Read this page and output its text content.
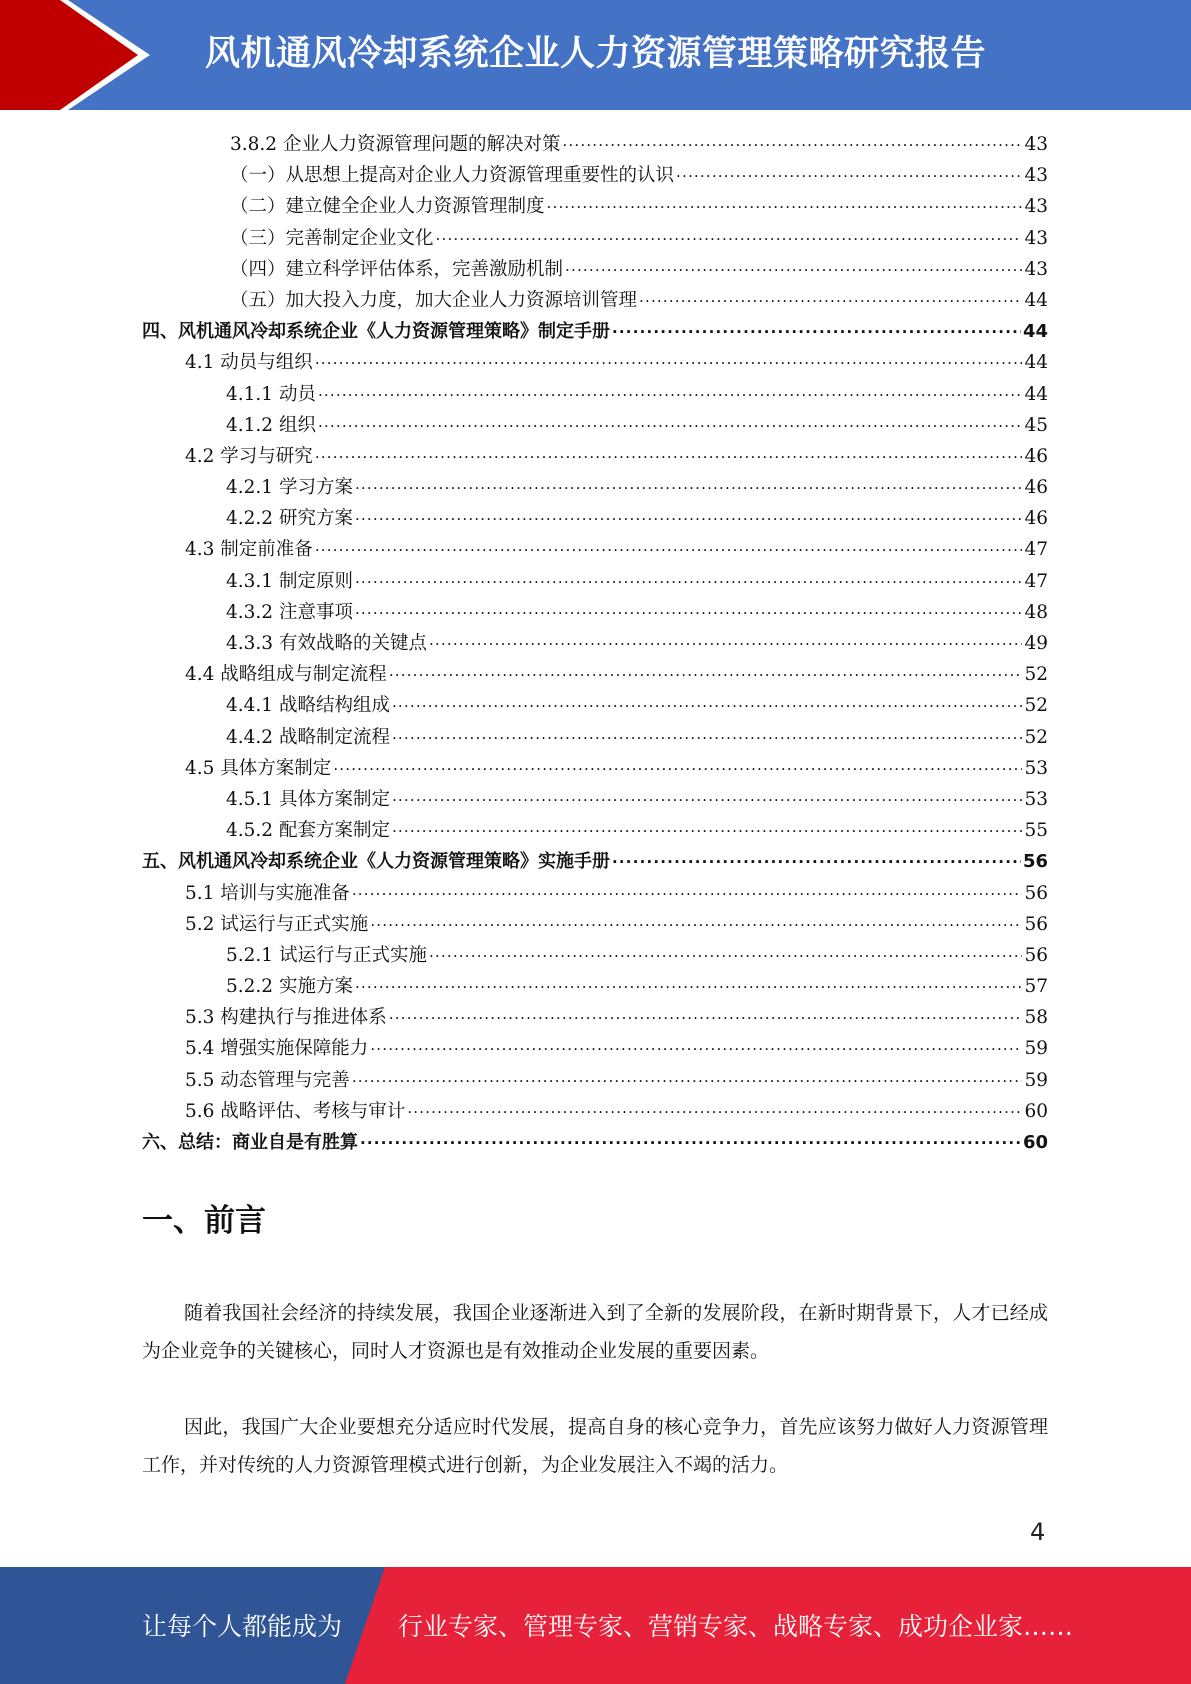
风机通风冷却系统企业人力资源管理策略研究报告
3.8.2 企业人力资源管理问题的解决对策 .....	43
（一）从思想上提高对企业人力资源管理重要性的认识 .....	43
（二）建立健全企业人力资源管理制度 .....	43
（三）完善制定企业文化 .....	43
（四）建立科学评估体系，完善激励机制 .....	43
（五）加大投入力度，加大企业人力资源培训管理 .....	44
四、风机通风冷却系统企业《人力资源管理策略》制定手册 .....	44
4.1 动员与组织 .....	44
4.1.1 动员 .....	44
4.1.2 组织 .....	45
4.2 学习与研究 .....	46
4.2.1 学习方案 .....	46
4.2.2 研究方案 .....	46
4.3 制定前准备 .....	47
4.3.1 制定原则 .....	47
4.3.2 注意事项 .....	48
4.3.3 有效战略的关键点 .....	49
4.4 战略组成与制定流程 .....	52
4.4.1 战略结构组成 .....	52
4.4.2 战略制定流程 .....	52
4.5 具体方案制定 .....	53
4.5.1 具体方案制定 .....	53
4.5.2 配套方案制定 .....	55
五、风机通风冷却系统企业《人力资源管理策略》实施手册 .....	56
5.1 培训与实施准备 .....	56
5.2 试运行与正式实施 .....	56
5.2.1 试运行与正式实施 .....	56
5.2.2 实施方案 .....	57
5.3 构建执行与推进体系 .....	58
5.4 增强实施保障能力 .....	59
5.5 动态管理与完善 .....	59
5.6 战略评估、考核与审计 .....	60
六、总结：商业自是有胜算 .....	60
一、前言
随着我国社会经济的持续发展，我国企业逐渐进入到了全新的发展阶段，在新时期背景下，人才已经成为企业竞争的关键核心，同时人才资源也是有效推动企业发展的重要因素。
因此，我国广大企业要想充分适应时代发展，提高自身的核心竞争力，首先应该努力做好人力资源管理工作，并对传统的人力资源管理模式进行创新，为企业发展注入不竭的活力。
4
让每个人都能成为 行业专家、管理专家、营销专家、战略专家、成功企业家……
